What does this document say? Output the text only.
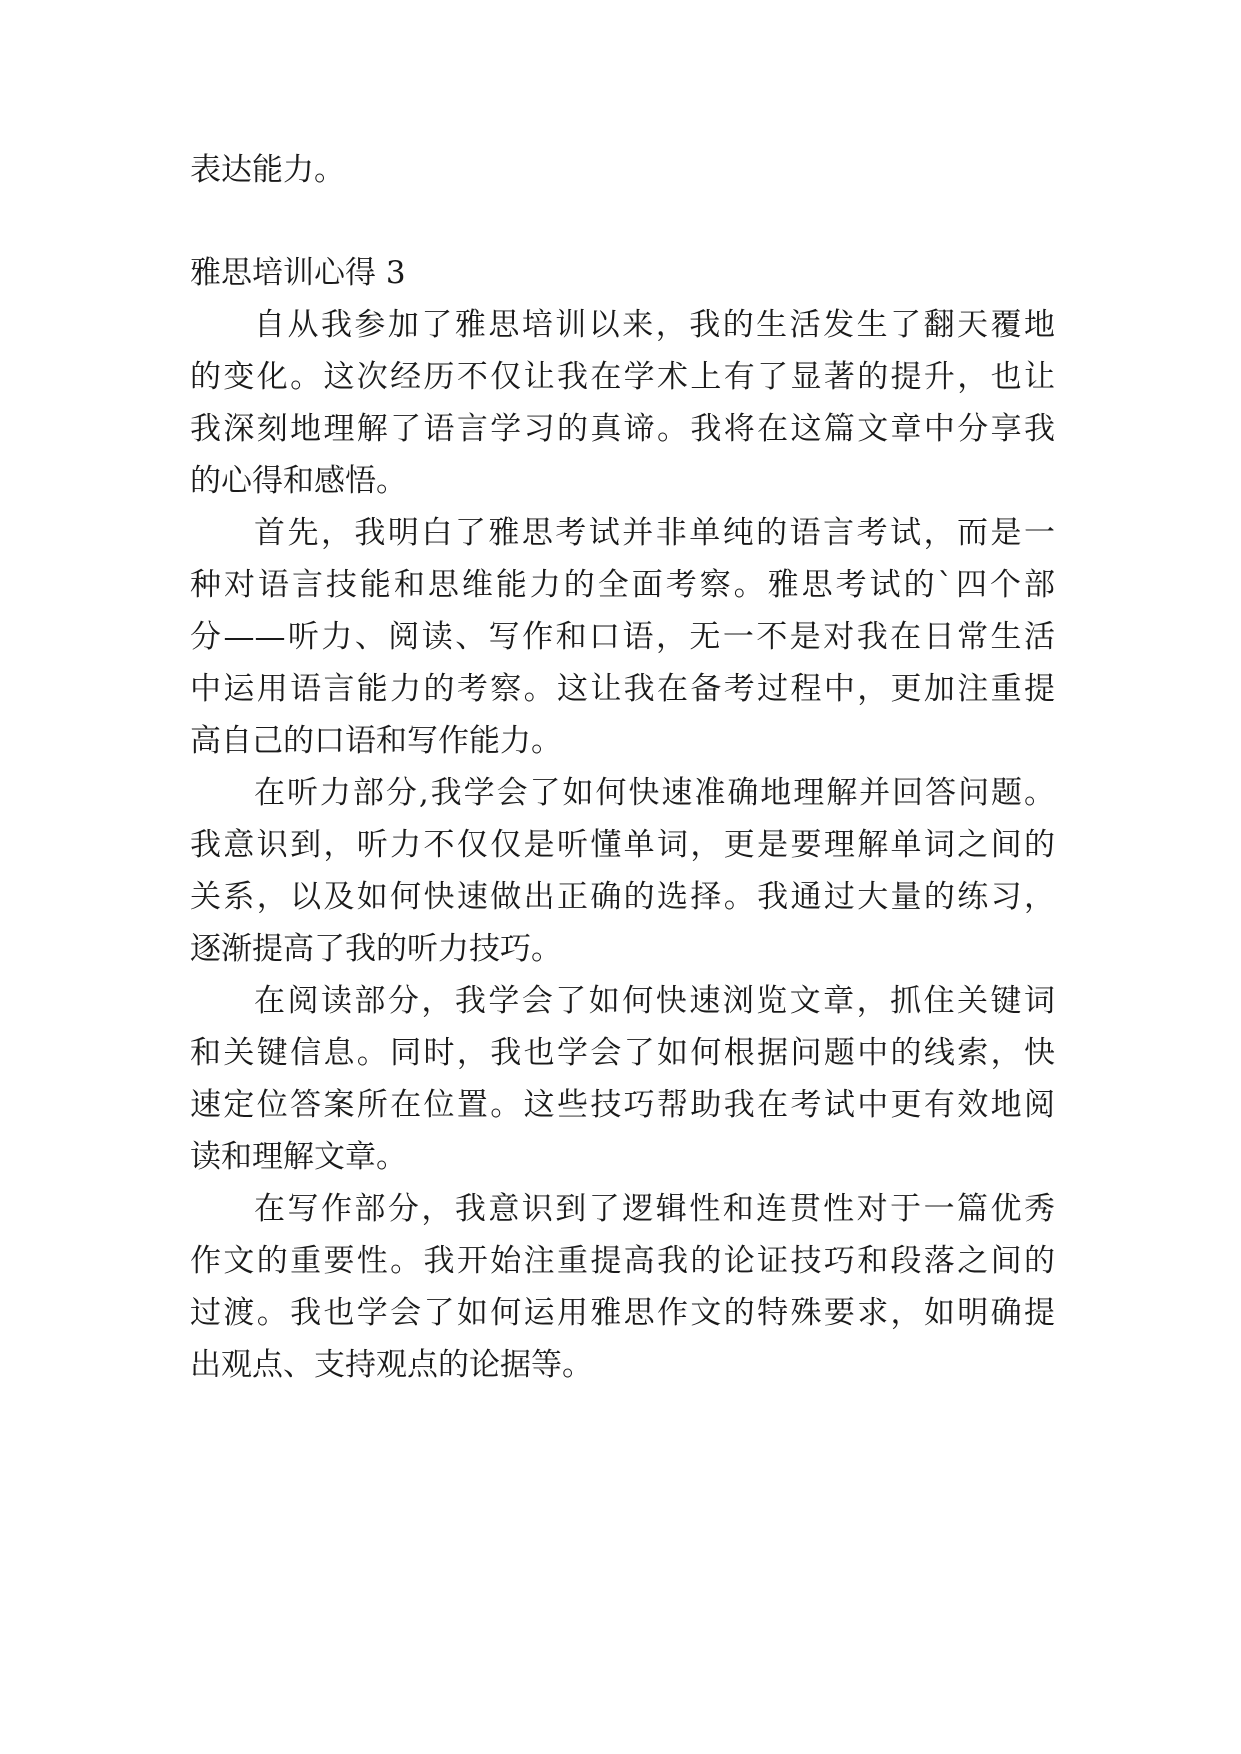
表达能力。

雅思培训心得 3

自从我参加了雅思培训以来，我的生活发生了翻天覆地

的变化。这次经历不仅让我在学术上有了显著的提升，也让

我深刻地理解了语言学习的真谛。我将在这篇文章中分享我

的心得和感悟。

首先，我明白了雅思考试并非单纯的语言考试，而是一

种对语言技能和思维能力的全面考察。雅思考试的`四个部

分——听力、阅读、写作和口语，无一不是对我在日常生活

中运用语言能力的考察。这让我在备考过程中，更加注重提

高自己的口语和写作能力。

在听力部分,我学会了如何快速准确地理解并回答问题。

我意识到，听力不仅仅是听懂单词，更是要理解单词之间的

关系，以及如何快速做出正确的选择。我通过大量的练习，

逐渐提高了我的听力技巧。

在阅读部分，我学会了如何快速浏览文章，抓住关键词

和关键信息。同时，我也学会了如何根据问题中的线索，快

速定位答案所在位置。这些技巧帮助我在考试中更有效地阅

读和理解文章。

在写作部分，我意识到了逻辑性和连贯性对于一篇优秀

作文的重要性。我开始注重提高我的论证技巧和段落之间的

过渡。我也学会了如何运用雅思作文的特殊要求，如明确提

出观点、支持观点的论据等。
